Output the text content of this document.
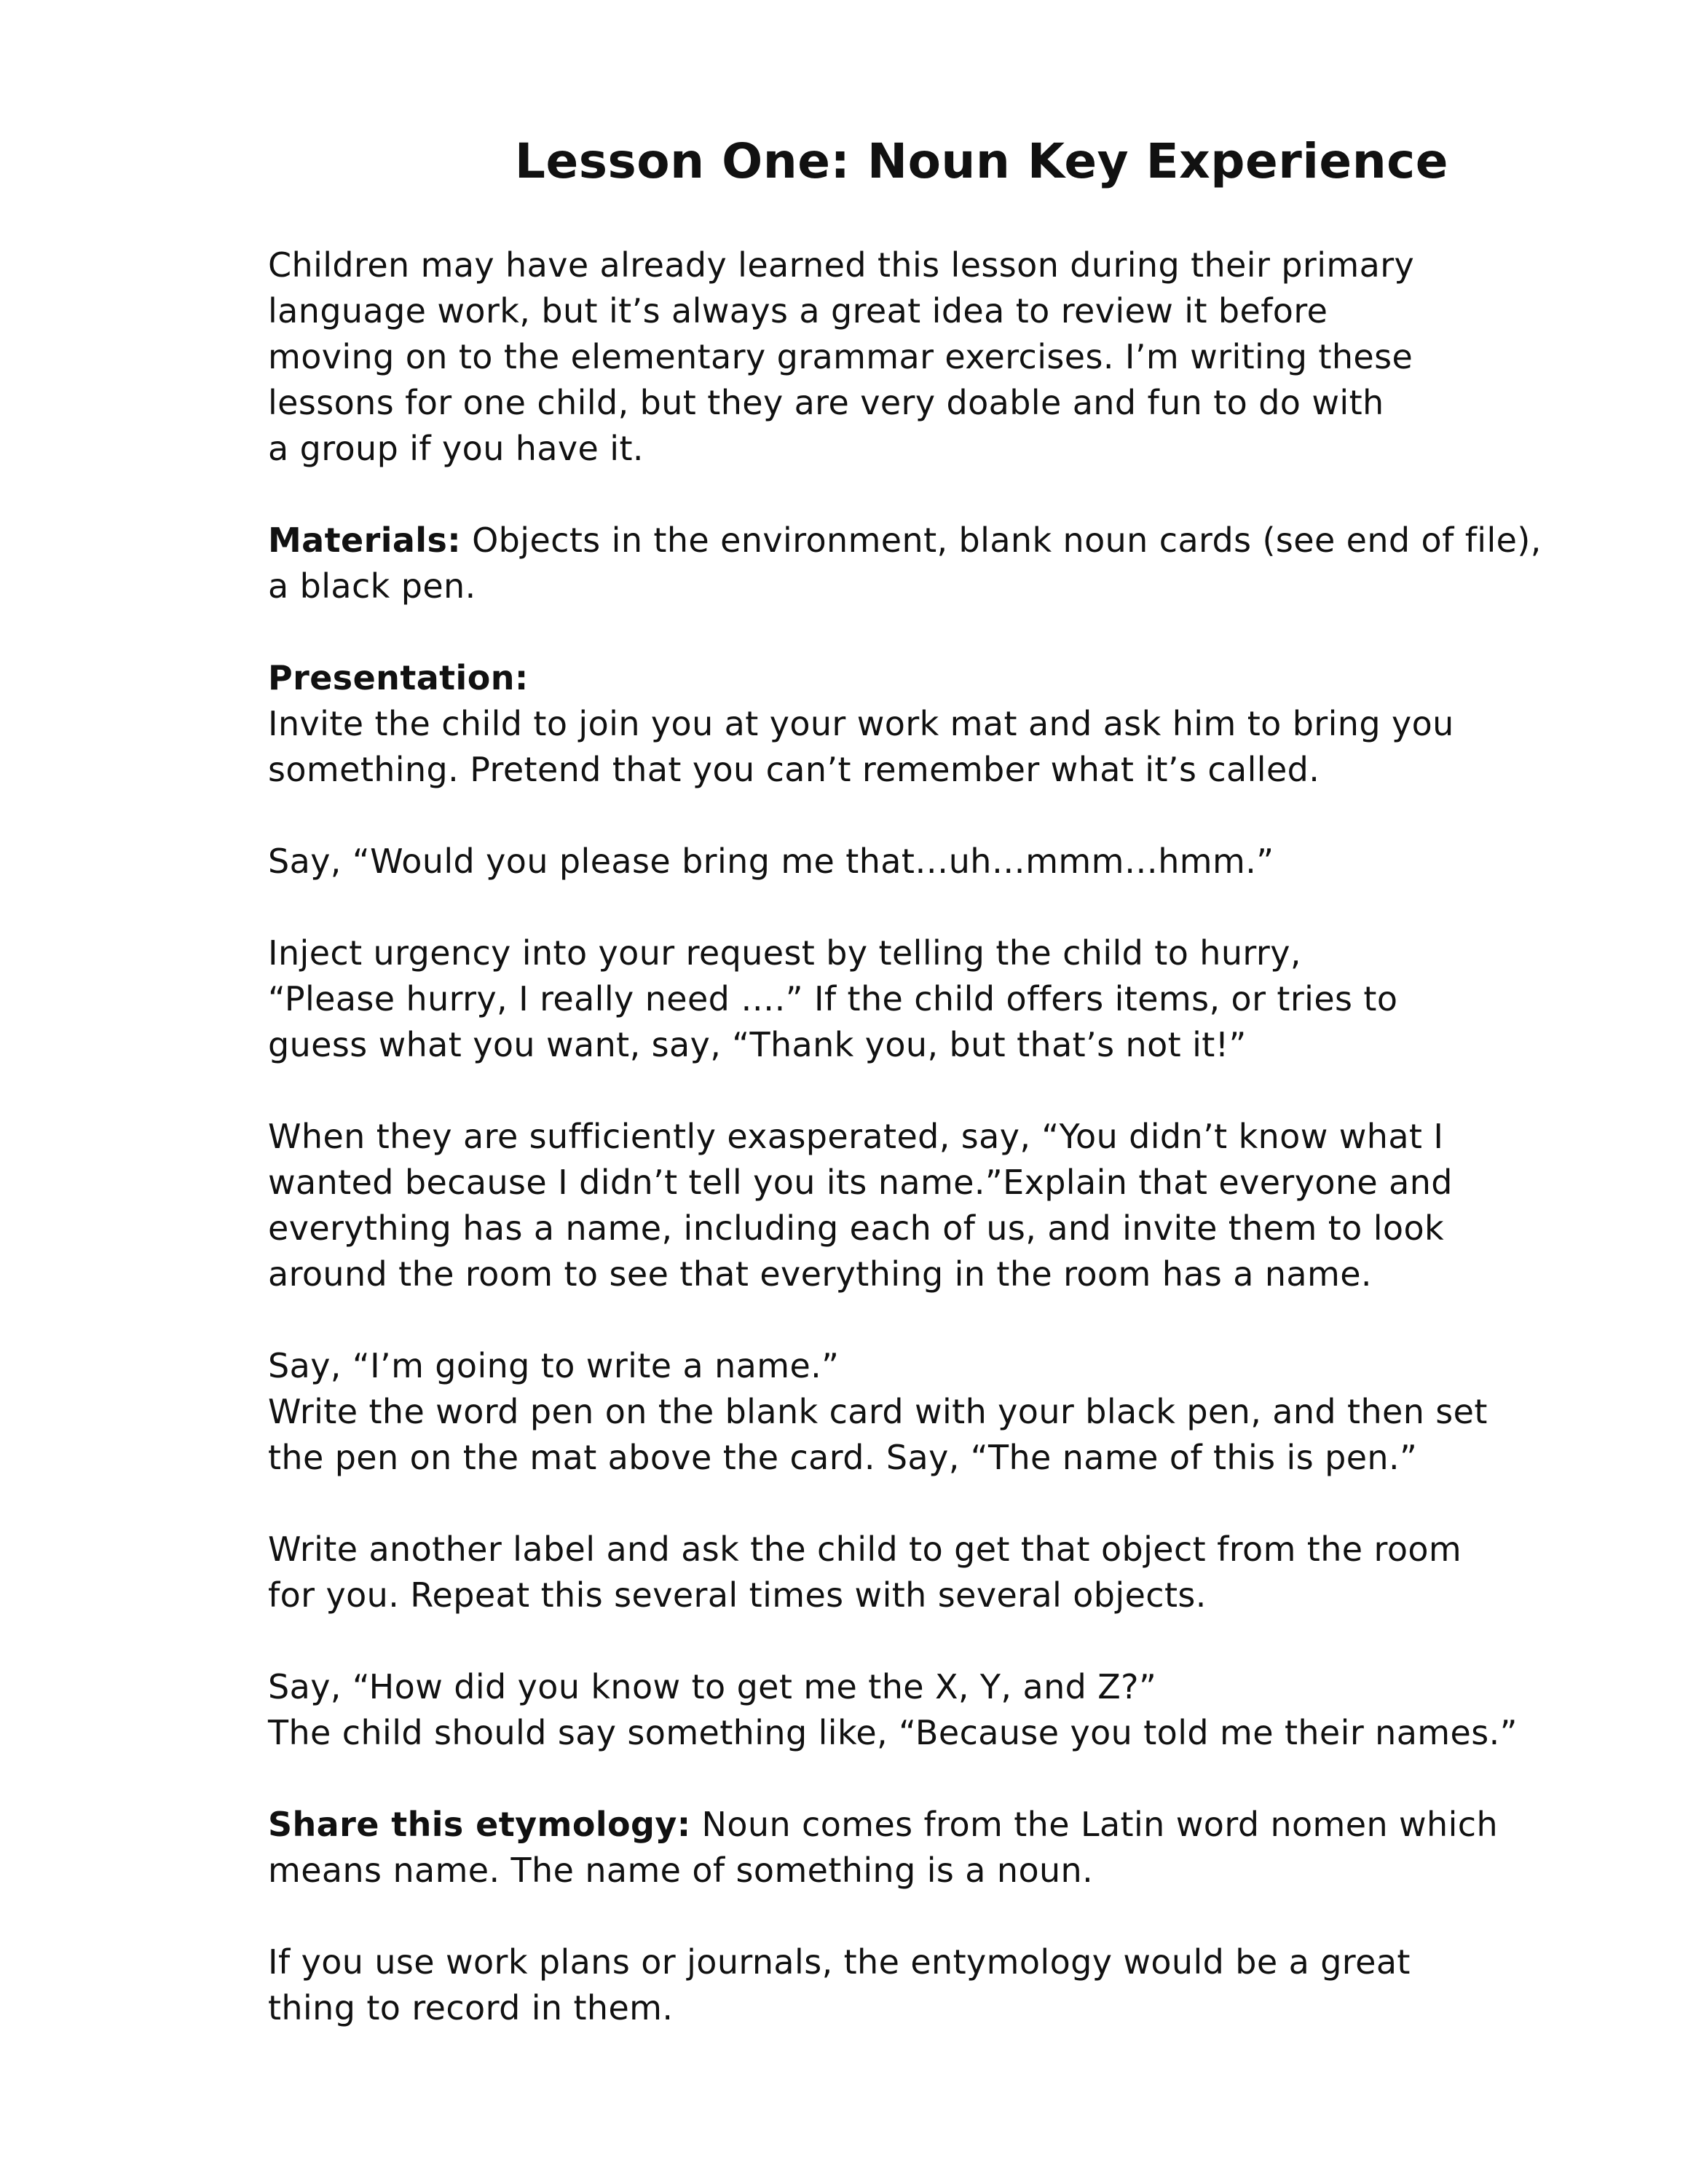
Lesson One: Noun Key Experience
Children may have already learned this lesson during their primary
language work, but it’s always a great idea to review it before
moving on to the elementary grammar exercises. I’m writing these
lessons for one child, but they are very doable and fun to do with
a group if you have it.
Materials: Objects in the environment, blank noun cards (see end of file),
a black pen.
Presentation:
Invite the child to join you at your work mat and ask him to bring you
something. Pretend that you can’t remember what it’s called.
Say, “Would you please bring me that…uh…mmm…hmm.”
Inject urgency into your request by telling the child to hurry,
“Please hurry, I really need ….” If the child offers items, or tries to
guess what you want, say, “Thank you, but that’s not it!”
When they are sufficiently exasperated, say, “You didn’t know what I
wanted because I didn’t tell you its name.”Explain that everyone and
everything has a name, including each of us, and invite them to look
around the room to see that everything in the room has a name.
Say, “I’m going to write a name.”
Write the word pen on the blank card with your black pen, and then set
the pen on the mat above the card. Say, “The name of this is pen.”
Write another label and ask the child to get that object from the room
for you. Repeat this several times with several objects.
Say, “How did you know to get me the X, Y, and Z?”
The child should say something like, “Because you told me their names.”
Share this etymology: Noun comes from the Latin word nomen which
means name. The name of something is a noun.
If you use work plans or journals, the entymology would be a great
thing to record in them.
